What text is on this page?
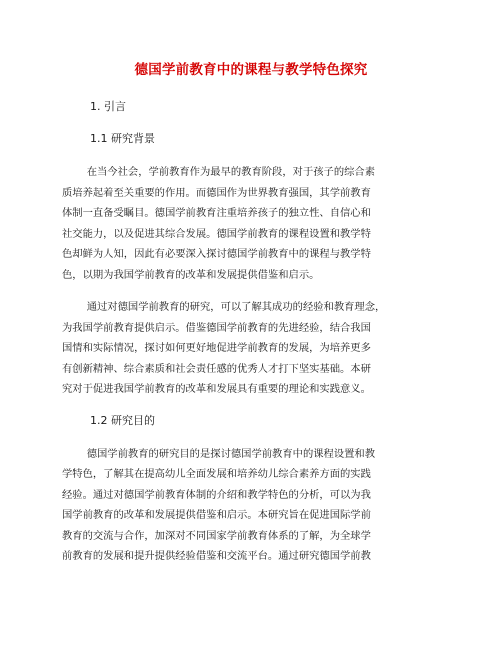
德国学前教育中的课程与教学特色探究
1. 引言
1.1 研究背景
在当今社会，学前教育作为最早的教育阶段，对于孩子的综合素
质培养起着至关重要的作用。而德国作为世界教育强国，其学前教育
体制一直备受瞩目。德国学前教育注重培养孩子的独立性、自信心和
社交能力，以及促进其综合发展。德国学前教育的课程设置和教学特
色却鲜为人知，因此有必要深入探讨德国学前教育中的课程与教学特
色，以期为我国学前教育的改革和发展提供借鉴和启示。
通过对德国学前教育的研究，可以了解其成功的经验和教育理念，
为我国学前教育提供启示。借鉴德国学前教育的先进经验，结合我国
国情和实际情况，探讨如何更好地促进学前教育的发展，为培养更多
有创新精神、综合素质和社会责任感的优秀人才打下坚实基础。本研
究对于促进我国学前教育的改革和发展具有重要的理论和实践意义。
1.2 研究目的
德国学前教育的研究目的是探讨德国学前教育中的课程设置和教
学特色，了解其在提高幼儿全面发展和培养幼儿综合素养方面的实践
经验。通过对德国学前教育体制的介绍和教学特色的分析，可以为我
国学前教育的改革和发展提供借鉴和启示。本研究旨在促进国际学前
教育的交流与合作，加深对不同国家学前教育体系的了解，为全球学
前教育的发展和提升提供经验借鉴和交流平台。通过研究德国学前教
